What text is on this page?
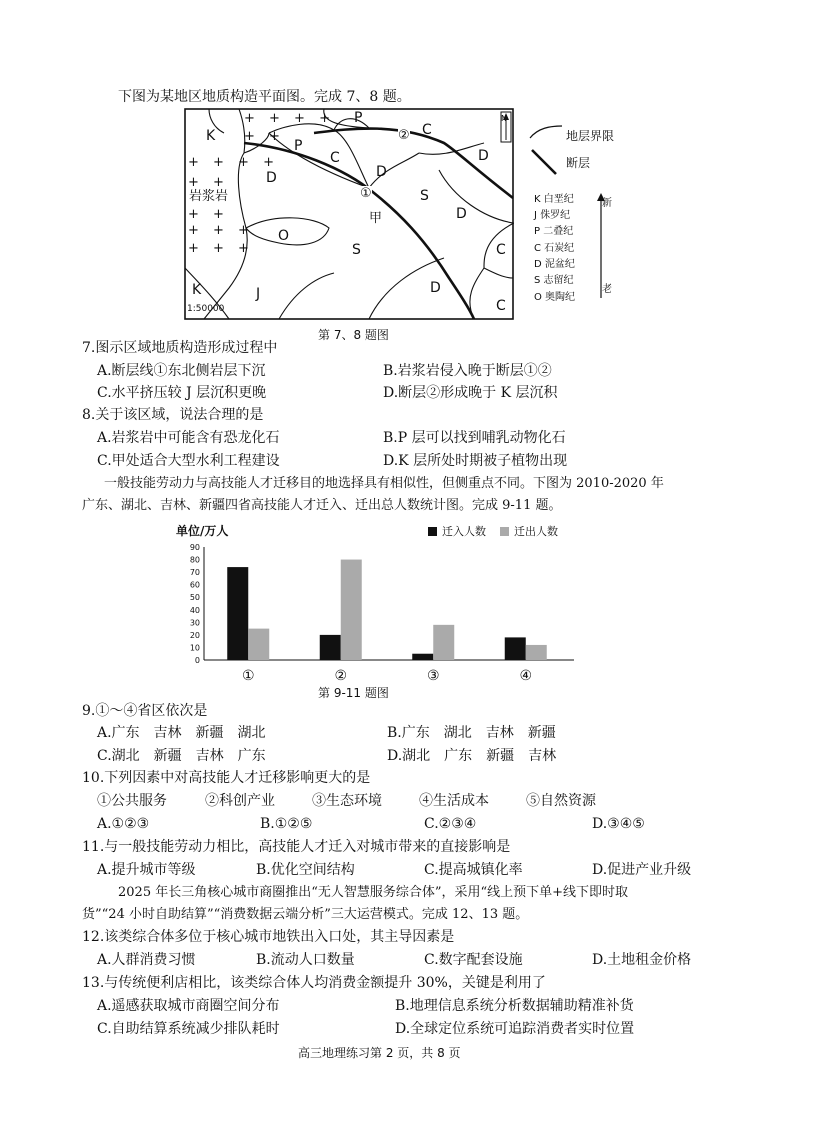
下图为某地区地质构造平面图。完成 7、8 题。
+ + + +
+ +
+ + + +
+ +
+ +
+ + +
+ + +
岩浆岩
K
P
P
C
C
D	D
D
D
S
S
O
K	J
C
C
D
甲
①
②
N
1:50000
地层界限
断层
K 白垩纪
J 侏罗纪
P 二叠纪
C 石炭纪
D 泥盆纪
S 志留纪
O 奥陶纪
新
老
第 7、8 题图
7.图示区域地质构造形成过程中
A.断层线①东北侧岩层下沉	B.岩浆岩侵入晚于断层①②
C.水平挤压较 J 层沉积更晚	D.断层②形成晚于 K 层沉积
8.关于该区域，说法合理的是
A.岩浆岩中可能含有恐龙化石	B.P 层可以找到哺乳动物化石
C.甲处适合大型水利工程建设	D.K 层所处时期被子植物出现
一般技能劳动力与高技能人才迁移目的地选择具有相似性，但侧重点不同。下图为 2010-2020 年
广东、湖北、吉林、新疆四省高技能人才迁入、迁出总人数统计图。完成 9-11 题。
单位/万人
0
10
20
30
40
50
60
70
80
90
①	②	③	④
迁入人数	迁出人数
第 9-11 题图
9.①～④省区依次是
A.广东　吉林　新疆　湖北	B.广东　湖北　吉林　新疆
C.湖北　新疆　吉林　广东	D.湖北　广东　新疆　吉林
10.下列因素中对高技能人才迁移影响更大的是
①公共服务	②科创产业	③生态环境	④生活成本	⑤自然资源
A.①②③	B.①②⑤	C.②③④	D.③④⑤
11.与一般技能劳动力相比，高技能人才迁入对城市带来的直接影响是
A.提升城市等级	B.优化空间结构	C.提高城镇化率	D.促进产业升级
2025 年长三角核心城市商圈推出“无人智慧服务综合体”，采用“线上预下单+线下即时取
货”“24 小时自助结算”“消费数据云端分析”三大运营模式。完成 12、13 题。
12.该类综合体多位于核心城市地铁出入口处，其主导因素是
A.人群消费习惯	B.流动人口数量	C.数字配套设施	D.土地租金价格
13.与传统便利店相比，该类综合体人均消费金额提升 30%，关键是利用了
A.遥感获取城市商圈空间分布	B.地理信息系统分析数据辅助精准补货
C.自助结算系统减少排队耗时	D.全球定位系统可追踪消费者实时位置
高三地理练习第 2 页，共 8 页
